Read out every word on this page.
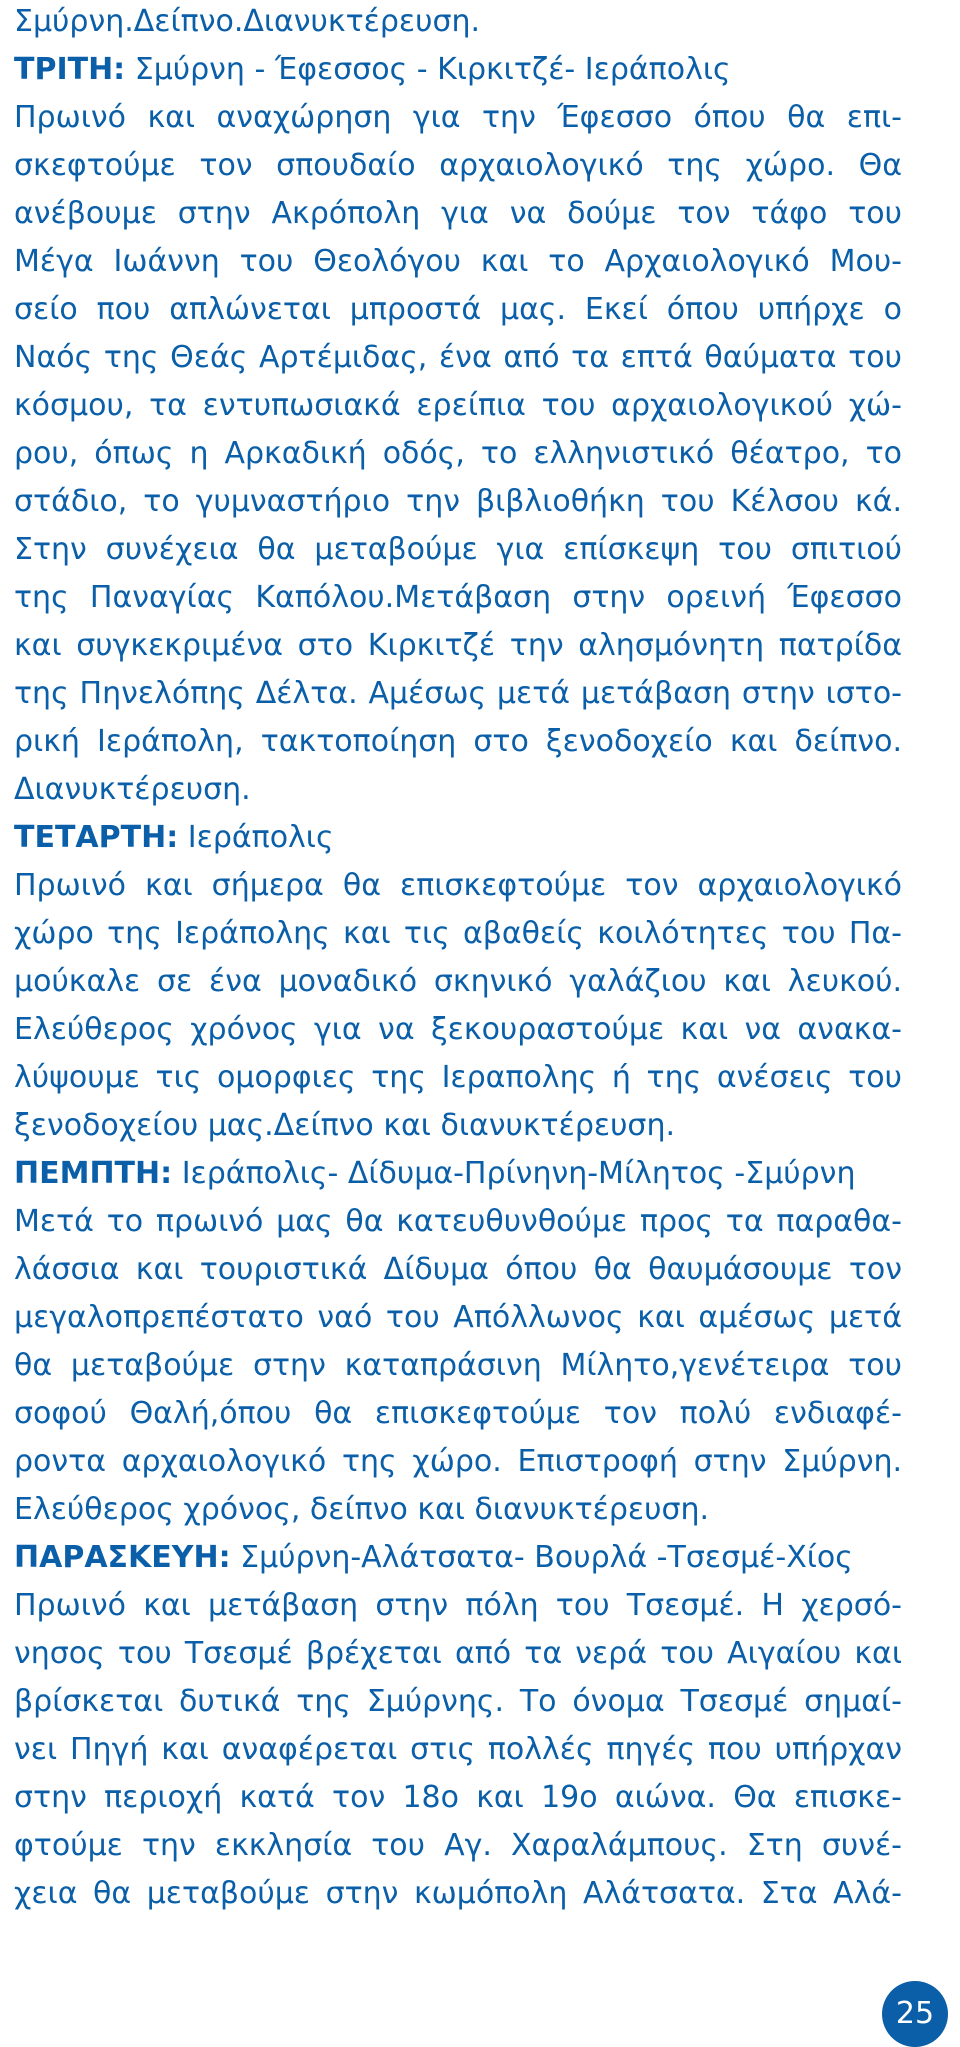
Σμύρνη.Δείπνο.Διανυκτέρευση.
ΤΡΙΤΗ: Σμύρνη - Έφεσσος - Κιρκιτζέ- Ιεράπολις
Πρωινό και αναχώρηση για την Έφεσσο όπου θα επι-
σκεφτούμε τον σπουδαίο αρχαιολογικό της χώρο. Θα
ανέβουμε στην Ακρόπολη για να δούμε τον τάφο του
Μέγα Ιωάννη του Θεολόγου και το Αρχαιολογικό Μου-
σείο που απλώνεται μπροστά μας. Εκεί όπου υπήρχε ο
Ναός της Θεάς Αρτέμιδας, ένα από τα επτά θαύματα του
κόσμου, τα εντυπωσιακά ερείπια του αρχαιολογικού χώ-
ρου, όπως η Αρκαδική οδός, το ελληνιστικό θέατρο, το
στάδιο, το γυμναστήριο την βιβλιοθήκη του Κέλσου κά.
Στην συνέχεια θα μεταβούμε για επίσκεψη του σπιτιού
της Παναγίας Καπόλου.Μετάβαση στην ορεινή Έφεσσο
και συγκεκριμένα στο Κιρκιτζέ την αλησμόνητη πατρίδα
της Πηνελόπης Δέλτα. Αμέσως μετά μετάβαση στην ιστο-
ρική Ιεράπολη, τακτοποίηση στο ξενοδοχείο και δείπνο.
Διανυκτέρευση.
ΤΕΤΑΡΤΗ: Ιεράπολις
Πρωινό και σήμερα θα επισκεφτούμε τον αρχαιολογικό
χώρο της Ιεράπολης και τις αβαθείς κοιλότητες του Πα-
μούκαλε σε ένα μοναδικό σκηνικό γαλάζιου και λευκού.
Ελεύθερος χρόνος για να ξεκουραστούμε και να ανακα-
λύψουμε τις ομορφιες της Ιεραπολης ή της ανέσεις του
ξενοδοχείου μας.Δείπνο και διανυκτέρευση.
ΠΕΜΠΤΗ: Ιεράπολις- Δίδυμα-Πρίνηνη-Μίλητος -Σμύρνη
Μετά το πρωινό μας θα κατευθυνθούμε προς τα παραθα-
λάσσια και τουριστικά Δίδυμα όπου θα θαυμάσουμε τον
μεγαλοπρεπέστατο ναό του Απόλλωνος και αμέσως μετά
θα μεταβούμε στην καταπράσινη Μίλητο,γενέτειρα του
σοφού Θαλή,όπου θα επισκεφτούμε τον πολύ ενδιαφέ-
ροντα αρχαιολογικό της χώρο. Επιστροφή στην Σμύρνη.
Ελεύθερος χρόνος, δείπνο και διανυκτέρευση.
ΠΑΡΑΣΚΕΥΗ: Σμύρνη-Αλάτσατα- Βουρλά -Τσεσμέ-Χίος
Πρωινό και μετάβαση στην πόλη του Τσεσμέ. Η χερσό-
νησος του Τσεσμέ βρέχεται από τα νερά του Αιγαίου και
βρίσκεται δυτικά της Σμύρνης. Το όνομα Τσεσμέ σημαί-
νει Πηγή και αναφέρεται στις πολλές πηγές που υπήρχαν
στην περιοχή κατά τον 18ο και 19ο αιώνα. Θα επισκε-
φτούμε την εκκλησία του Αγ. Χαραλάμπους. Στη συνέ-
χεια θα μεταβούμε στην κωμόπολη Αλάτσατα. Στα Αλά-
25
